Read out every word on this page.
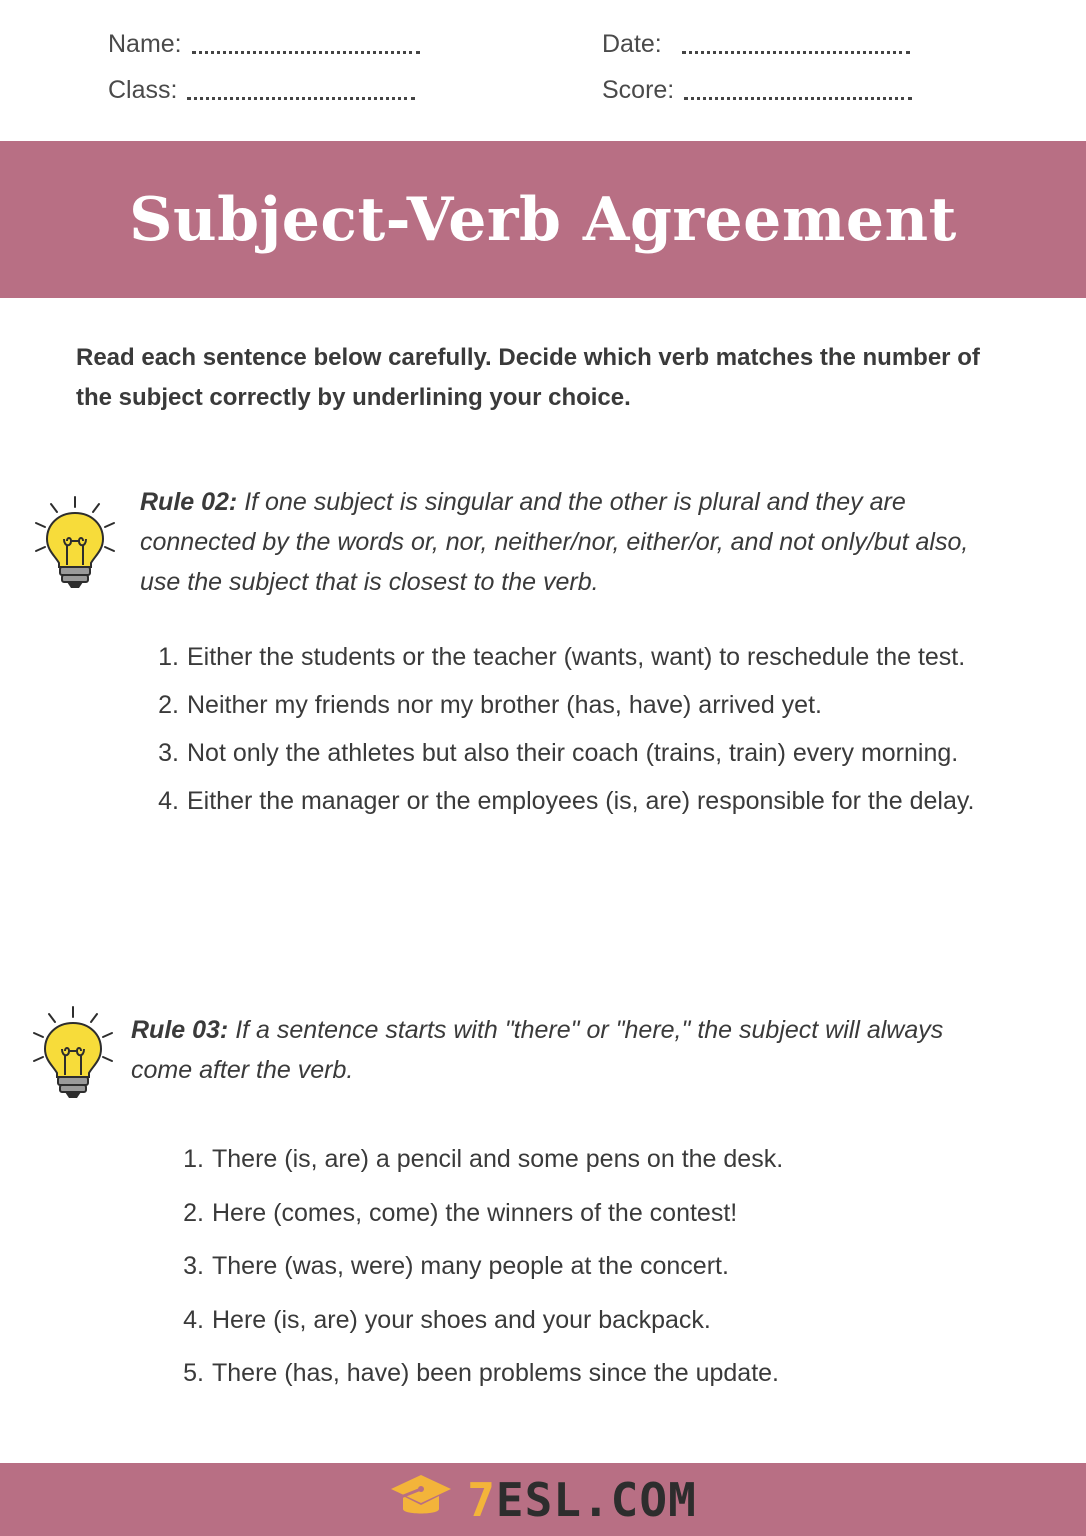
Name:	Date:
Class:	Score:
Subject-Verb Agreement
Read each sentence below carefully. Decide which verb matches the number of the subject correctly by underlining your choice.
Rule 02: If one subject is singular and the other is plural and they are connected by the words or, nor, neither/nor, either/or, and not only/but also, use the subject that is closest to the verb.
1. Either the students or the teacher (wants, want) to reschedule the test.
2. Neither my friends nor my brother (has, have) arrived yet.
3. Not only the athletes but also their coach (trains, train) every morning.
4. Either the manager or the employees (is, are) responsible for the delay.
Rule 03: If a sentence starts with "there" or "here," the subject will always come after the verb.
1. There (is, are) a pencil and some pens on the desk.
2. Here (comes, come) the winners of the contest!
3. There (was, were) many people at the concert.
4. Here (is, are) your shoes and your backpack.
5. There (has, have) been problems since the update.
7ESL.COM
